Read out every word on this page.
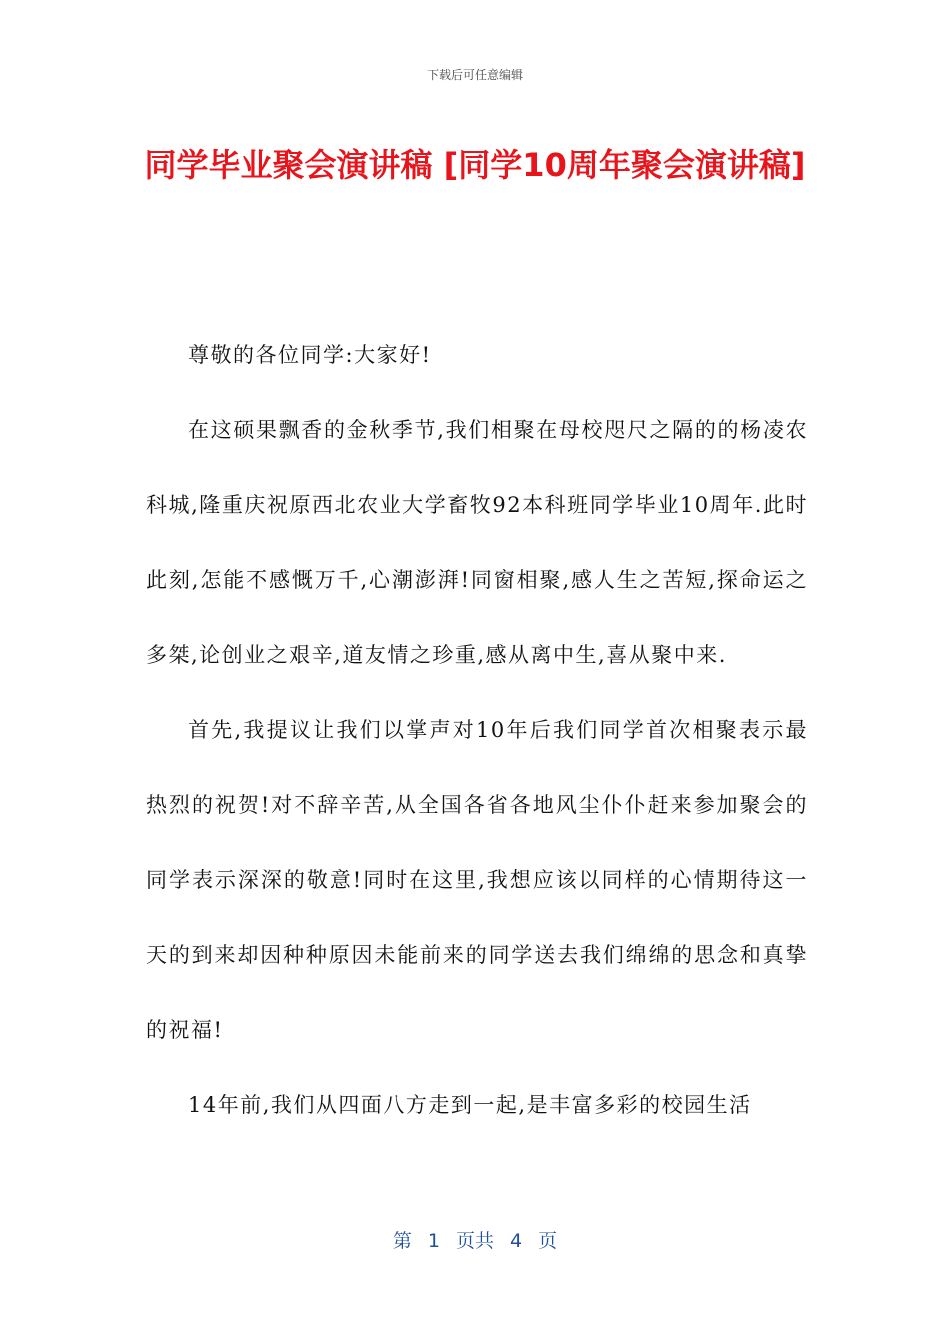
下载后可任意编辑
同学毕业聚会演讲稿 [同学10周年聚会演讲稿]

尊敬的各位同学:大家好!

在这硕果飘香的金秋季节,我们相聚在母校咫尺之隔的的杨凌农科城,隆重庆祝原西北农业大学畜牧92本科班同学毕业10周年.此时此刻,怎能不感慨万千,心潮澎湃!同窗相聚,感人生之苦短,探命运之多桀,论创业之艰辛,道友情之珍重,感从离中生,喜从聚中来.

首先,我提议让我们以掌声对10年后我们同学首次相聚表示最热烈的祝贺!对不辞辛苦,从全国各省各地风尘仆仆赶来参加聚会的同学表示深深的敬意!同时在这里,我想应该以同样的心情期待这一天的到来却因种种原因未能前来的同学送去我们绵绵的思念和真挚的祝福!

14年前,我们从四面八方走到一起,是丰富多彩的校园生活

第 1 页共 4 页
